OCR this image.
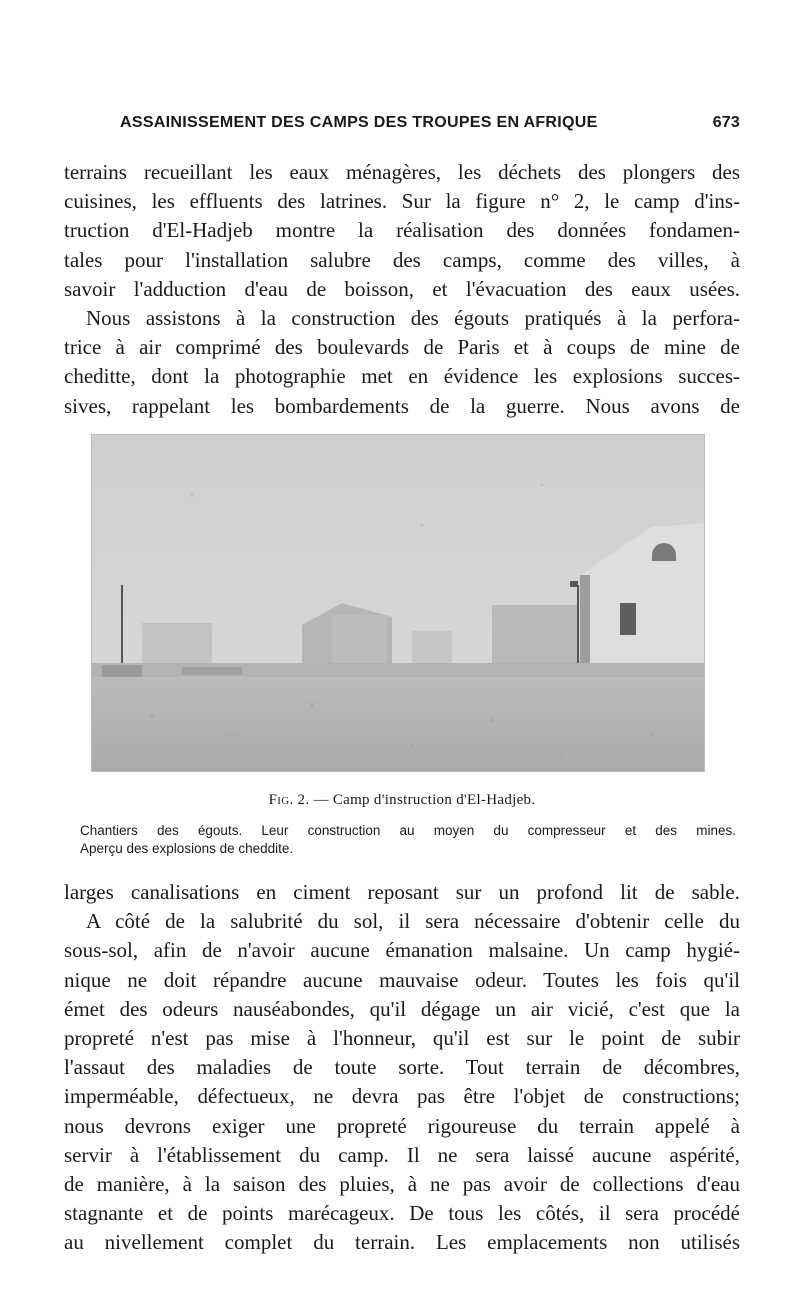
ASSAINISSEMENT DES CAMPS DES TROUPES EN AFRIQUE	673
terrains recueillant les eaux ménagères, les déchets des plongers des
cuisines, les effluents des latrines. Sur la figure n° 2, le camp d'ins-
truction d'El-Hadjeb montre la réalisation des données fondamen-
tales pour l'installation salubre des camps, comme des villes, à
savoir l'adduction d'eau de boisson, et l'évacuation des eaux usées.
Nous assistons à la construction des égouts pratiqués à la perfora-
trice à air comprimé des boulevards de Paris et à coups de mine de
cheditte, dont la photographie met en évidence les explosions succes-
sives, rappelant les bombardements de la guerre. Nous avons de
Fig. 2. — Camp d'instruction d'El-Hadjeb.
Chantiers des égouts. Leur construction au moyen du compresseur et des mines.
Aperçu des explosions de cheddite.
larges canalisations en ciment reposant sur un profond lit de sable.
A côté de la salubrité du sol, il sera nécessaire d'obtenir celle du
sous-sol, afin de n'avoir aucune émanation malsaine. Un camp hygié-
nique ne doit répandre aucune mauvaise odeur. Toutes les fois qu'il
émet des odeurs nauséabondes, qu'il dégage un air vicié, c'est que la
propreté n'est pas mise à l'honneur, qu'il est sur le point de subir
l'assaut des maladies de toute sorte. Tout terrain de décombres,
imperméable, défectueux, ne devra pas être l'objet de constructions;
nous devrons exiger une propreté rigoureuse du terrain appelé à
servir à l'établissement du camp. Il ne sera laissé aucune aspérité,
de manière, à la saison des pluies, à ne pas avoir de collections d'eau
stagnante et de points marécageux. De tous les côtés, il sera procédé
au nivellement complet du terrain. Les emplacements non utilisés
